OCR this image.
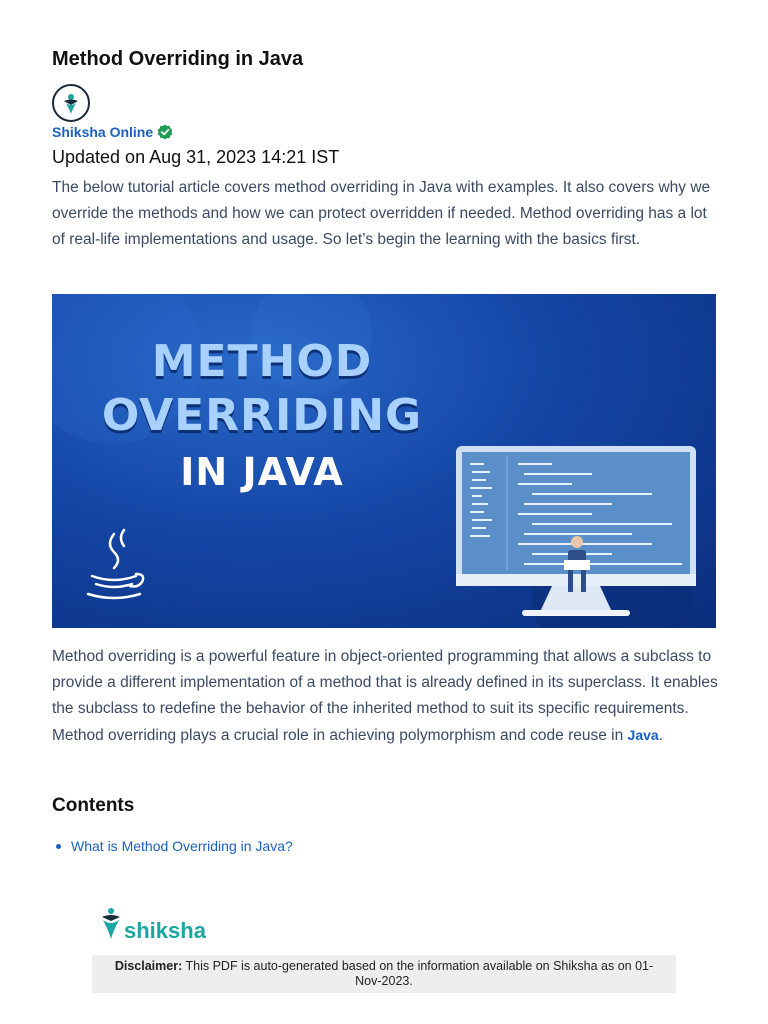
Method Overriding in Java
Shiksha Online
Updated on Aug 31, 2023 14:21 IST

The below tutorial article covers method overriding in Java with examples. It also covers why we override the methods and how we can protect overridden if needed. Method overriding has a lot of real-life implementations and usage. So let’s begin the learning with the basics first.

METHOD
OVERRIDING
IN JAVA

Method overriding is a powerful feature in object-oriented programming that allows a subclass to provide a different implementation of a method that is already defined in its superclass. It enables the subclass to redefine the behavior of the inherited method to suit its specific requirements. Method overriding plays a crucial role in achieving polymorphism and code reuse in Java.

Contents
What is Method Overriding in Java?
shiksha
Disclaimer: This PDF is auto-generated based on the information available on Shiksha as on 01-Nov-2023.
